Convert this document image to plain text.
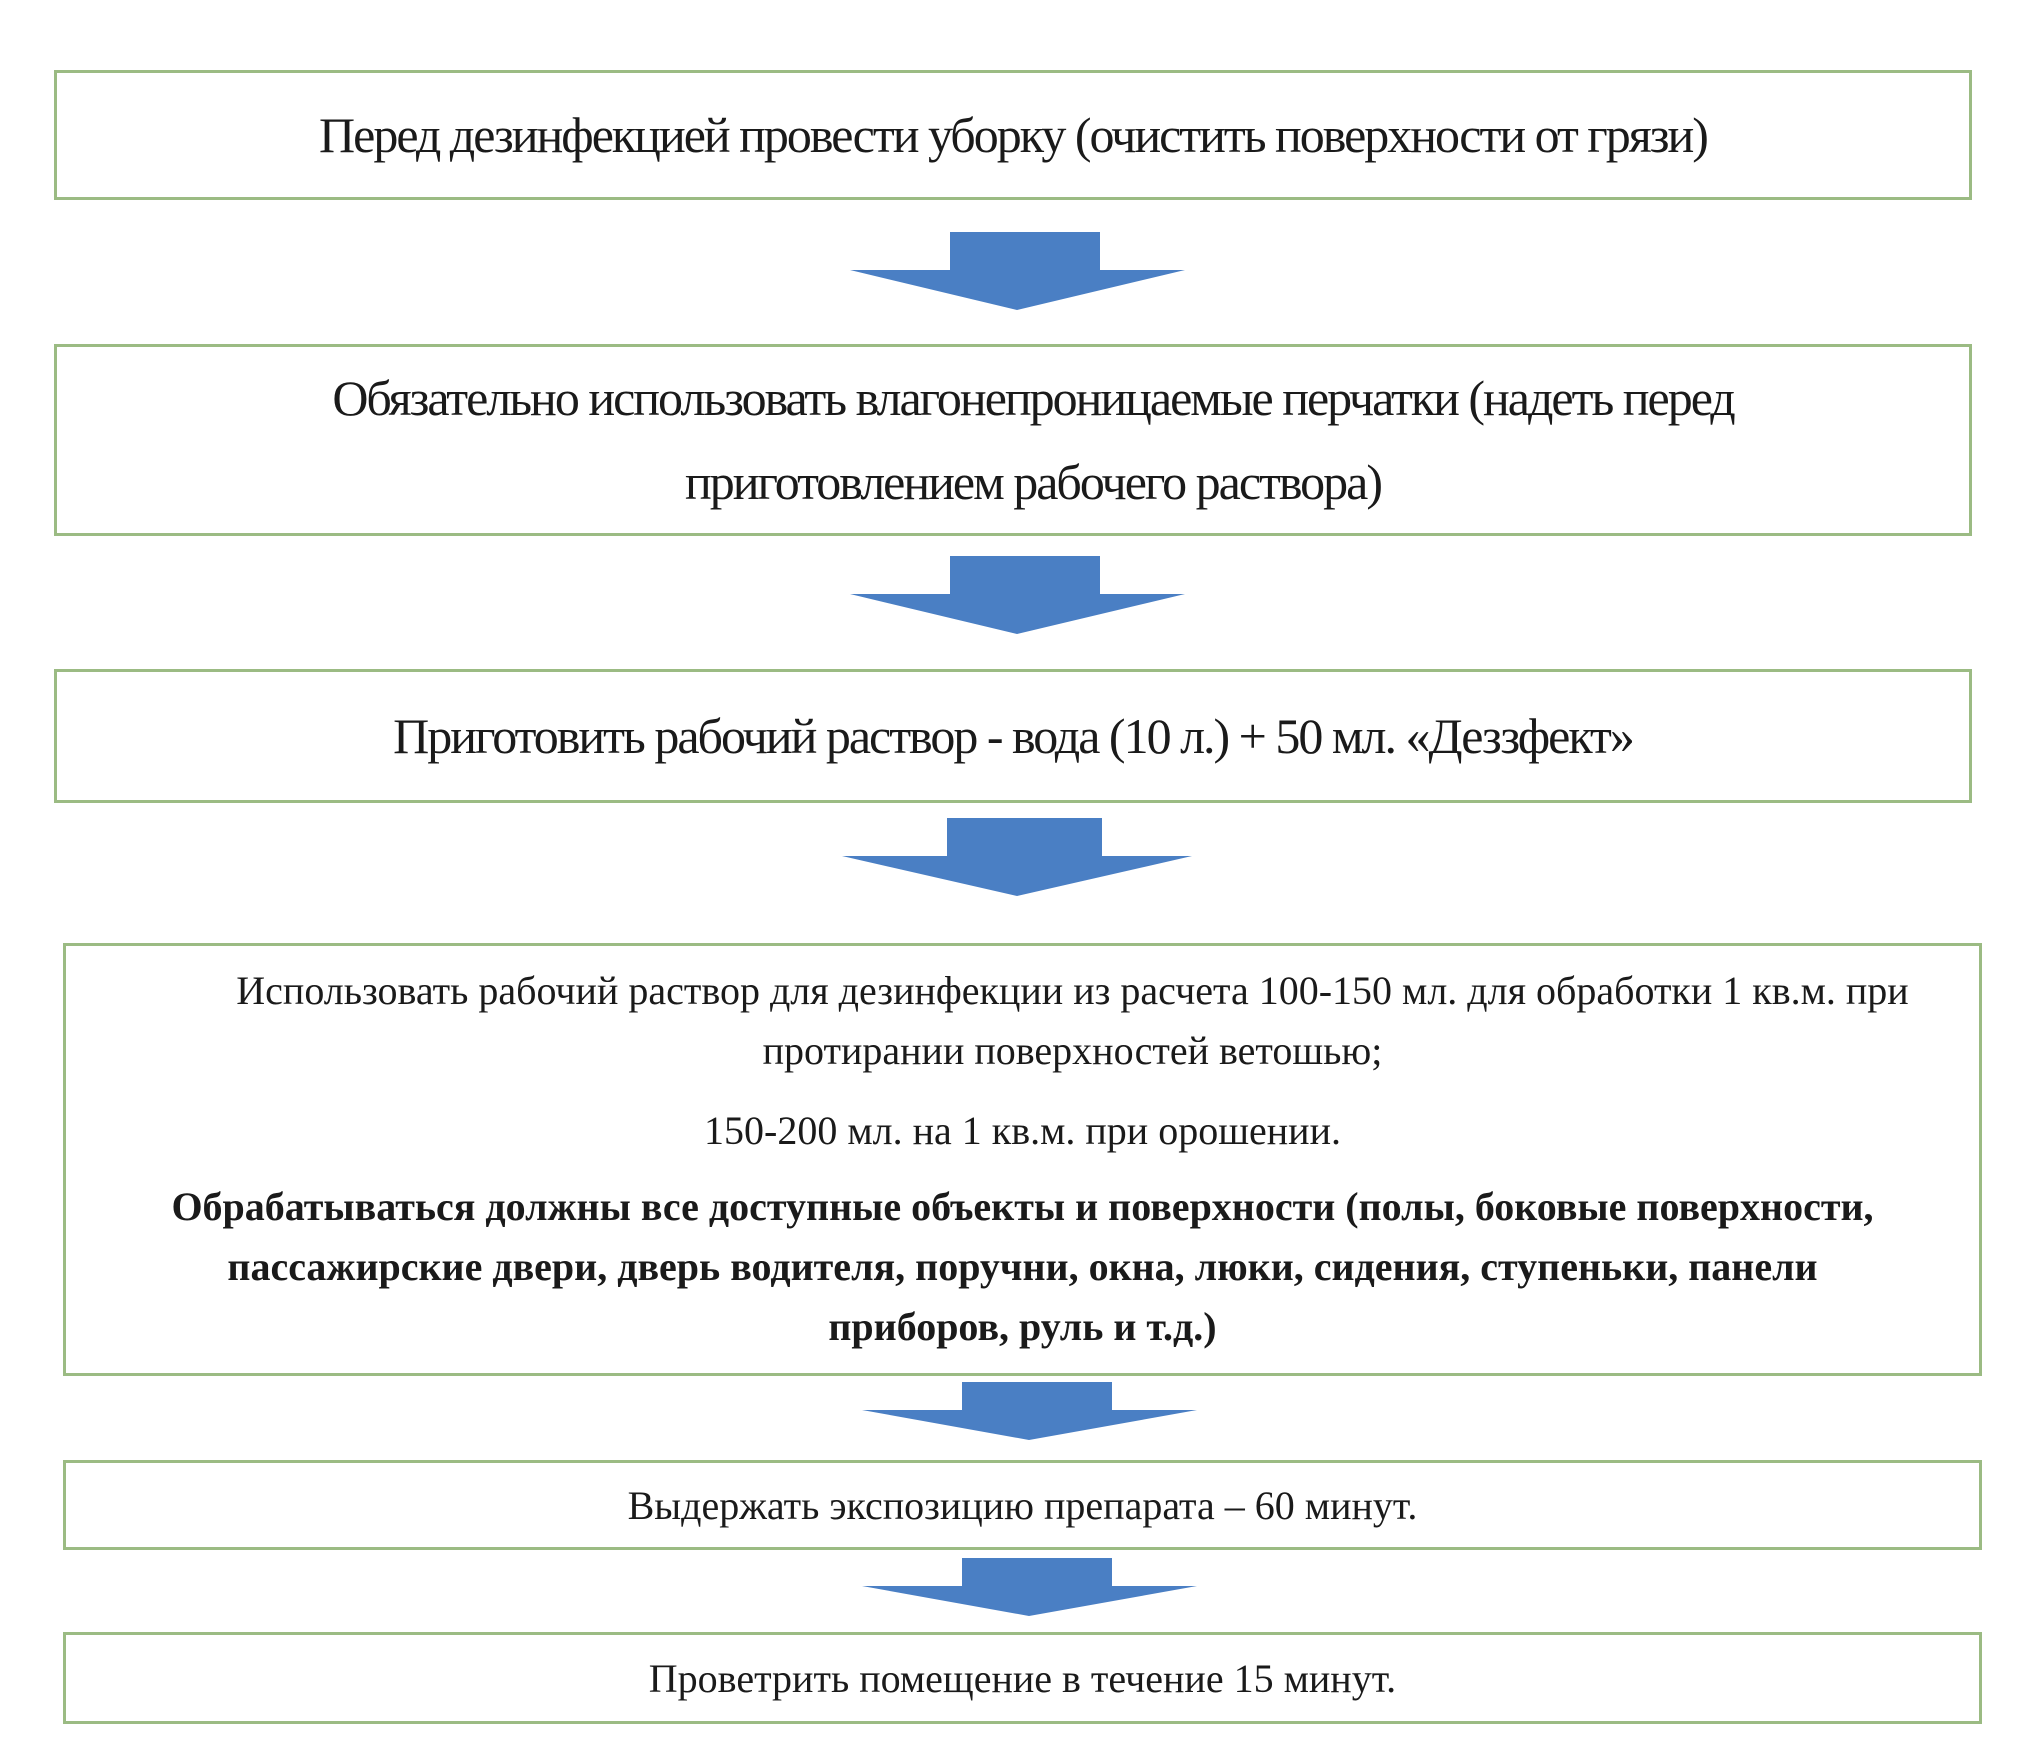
Перед дезинфекцией провести уборку (очистить поверхности от грязи)

Обязательно использовать влагонепроницаемые перчатки (надеть перед приготовлением рабочего раствора)

Приготовить рабочий раствор - вода (10 л.) + 50 мл. «Деззфект»

Использовать рабочий раствор для дезинфекции из расчета 100-150 мл. для обработки 1 кв.м. при протирании поверхностей ветошью;

150-200 мл. на 1 кв.м. при орошении.

Обрабатываться должны все доступные объекты и поверхности (полы, боковые поверхности, пассажирские двери, дверь водителя, поручни, окна, люки, сидения, ступеньки, панели приборов, руль и т.д.)

Выдержать экспозицию препарата – 60 минут.

Проветрить помещение в течение 15 минут.
